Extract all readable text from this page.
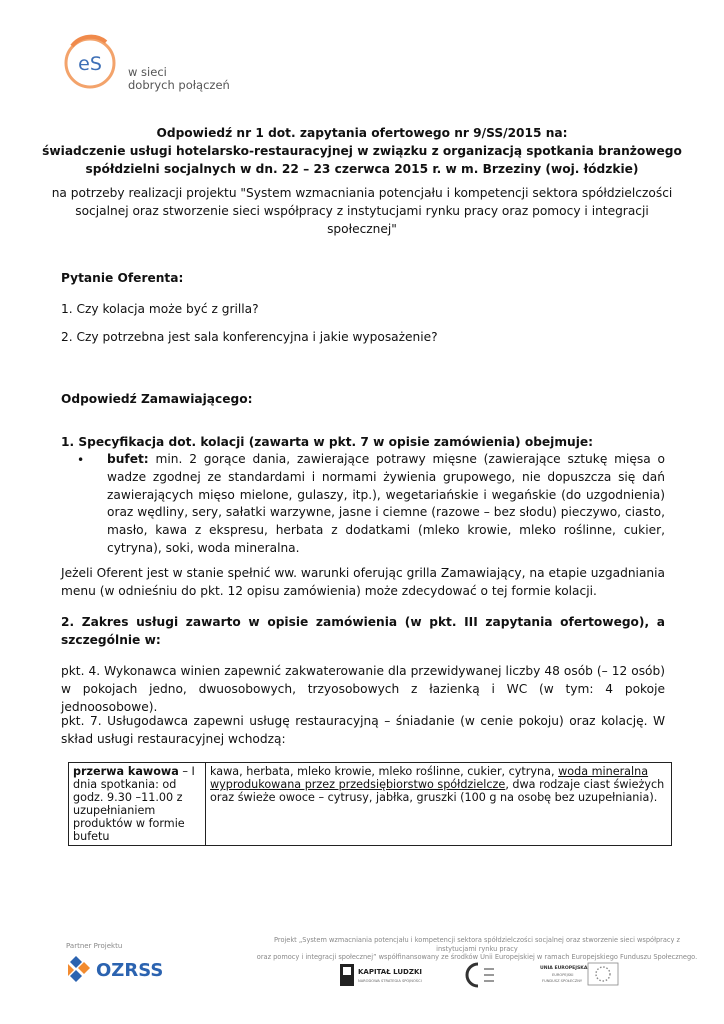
eS w sieci
dobrych połączeń
Odpowiedź nr 1 dot. zapytania ofertowego nr 9/SS/2015 na:
świadczenie usługi hotelarsko-restauracyjnej w związku z organizacją spotkania branżowego
spółdzielni socjalnych w dn. 22 – 23 czerwca 2015 r. w m. Brzeziny (woj. łódzkie)
na potrzeby realizacji projektu "System wzmacniania potencjału i kompetencji sektora spółdzielczości
socjalnej oraz stworzenie sieci współpracy z instytucjami rynku pracy oraz pomocy i integracji
społecznej"
Pytanie Oferenta:
1. Czy kolacja może być z grilla?
2. Czy potrzebna jest sala konferencyjna i jakie wyposażenie?
Odpowiedź Zamawiającego:
1. Specyfikacja dot. kolacji (zawarta w pkt. 7 w opisie zamówienia) obejmuje:
•	bufet: min. 2 gorące dania, zawierające potrawy mięsne (zawierające sztukę mięsa o wadze zgodnej ze standardami i normami żywienia grupowego, nie dopuszcza się dań zawierających mięso mielone, gulaszy, itp.), wegetariańskie i wegańskie (do uzgodnienia) oraz wędliny, sery, sałatki warzywne, jasne i ciemne (razowe – bez słodu) pieczywo, ciasto, masło, kawa z ekspresu, herbata z dodatkami (mleko krowie, mleko roślinne, cukier, cytryna), soki, woda mineralna.
Jeżeli Oferent jest w stanie spełnić ww. warunki oferując grilla Zamawiający, na etapie uzgadniania menu (w odnieśniu do pkt. 12 opisu zamówienia) może zdecydować o tej formie kolacji.
2. Zakres usługi zawarto w opisie zamówienia (w pkt. III zapytania ofertowego), a szczególnie w:
pkt. 4. Wykonawca winien zapewnić zakwaterowanie dla przewidywanej liczby 48 osób (– 12 osób) w pokojach jedno, dwuosobowych, trzyosobowych z łazienką i WC (w tym: 4 pokoje jednoosobowe).
pkt. 7. Usługodawca zapewni usługę restauracyjną – śniadanie (w cenie pokoju) oraz kolację. W skład usługi restauracyjnej wchodzą:
przerwa kawowa – I dnia spotkania: od godz. 9.30 –11.00 z uzupełnianiem produktów w formie bufetu	kawa, herbata, mleko krowie, mleko roślinne, cukier, cytryna, woda mineralna wyprodukowana przez przedsiębiorstwo spółdzielcze, dwa rodzaje ciast świeżych oraz świeże owoce – cytrusy, jabłka, gruszki (100 g na osobę bez uzupełniania).
Partner Projektu
OZRSS
Projekt „System wzmacniania potencjału i kompetencji sektora spółdzielczości socjalnej oraz stworzenie sieci współpracy z instytucjami rynku pracy
oraz pomocy i integracji społecznej” współfinansowany ze środków Unii Europejskiej w ramach Europejskiego Funduszu Społecznego.
KAPITAŁ LUDZKI
NARODOWA STRATEGIA SPÓJNOŚCI
UNIA EUROPEJSKA
EUROPEJSKI
FUNDUSZ SPOŁECZNY
